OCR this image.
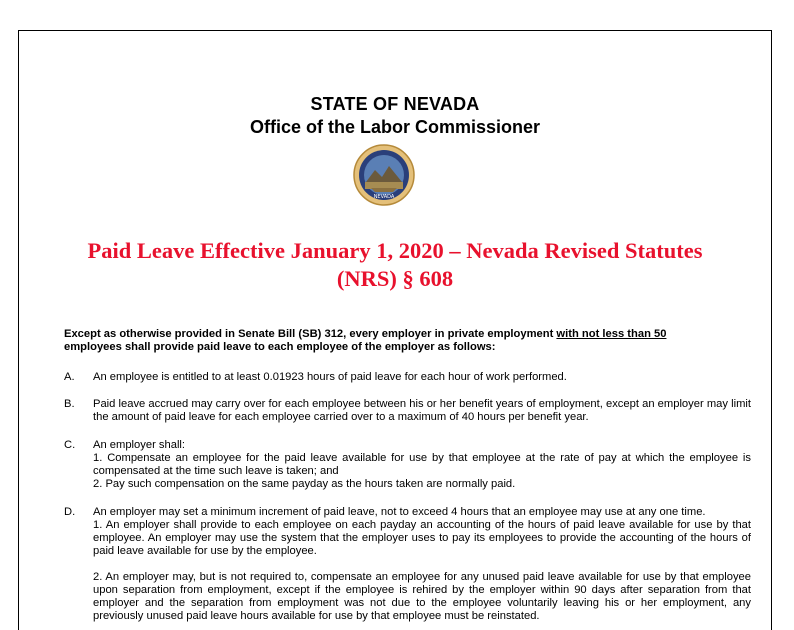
STATE OF NEVADA
Office of the Labor Commissioner
NEVADA
Paid Leave Effective January 1, 2020 – Nevada Revised Statutes
(NRS) § 608
Except as otherwise provided in Senate Bill (SB) 312, every employer in private employment with not less than 50
employees shall provide paid leave to each employee of the employer as follows:
A.	An employee is entitled to at least 0.01923 hours of paid leave for each hour of work performed.
B.	Paid leave accrued may carry over for each employee between his or her benefit years of employment, except an employer may limit the amount of paid leave for each employee carried over to a maximum of 40 hours per benefit year.
C.	An employer shall:
1. Compensate an employee for the paid leave available for use by that employee at the rate of pay at which the employee is compensated at the time such leave is taken; and
2. Pay such compensation on the same payday as the hours taken are normally paid.
D.	An employer may set a minimum increment of paid leave, not to exceed 4 hours that an employee may use at any one time.
1. An employer shall provide to each employee on each payday an accounting of the hours of paid leave available for use by that employee. An employer may use the system that the employer uses to pay its employees to provide the accounting of the hours of paid leave available for use by the employee.
2. An employer may, but is not required to, compensate an employee for any unused paid leave available for use by that employee upon separation from employment, except if the employee is rehired by the employer within 90 days after separation from that employer and the separation from employment was not due to the employee voluntarily leaving his or her employment, any previously unused paid leave hours available for use by that employee must be reinstated.
